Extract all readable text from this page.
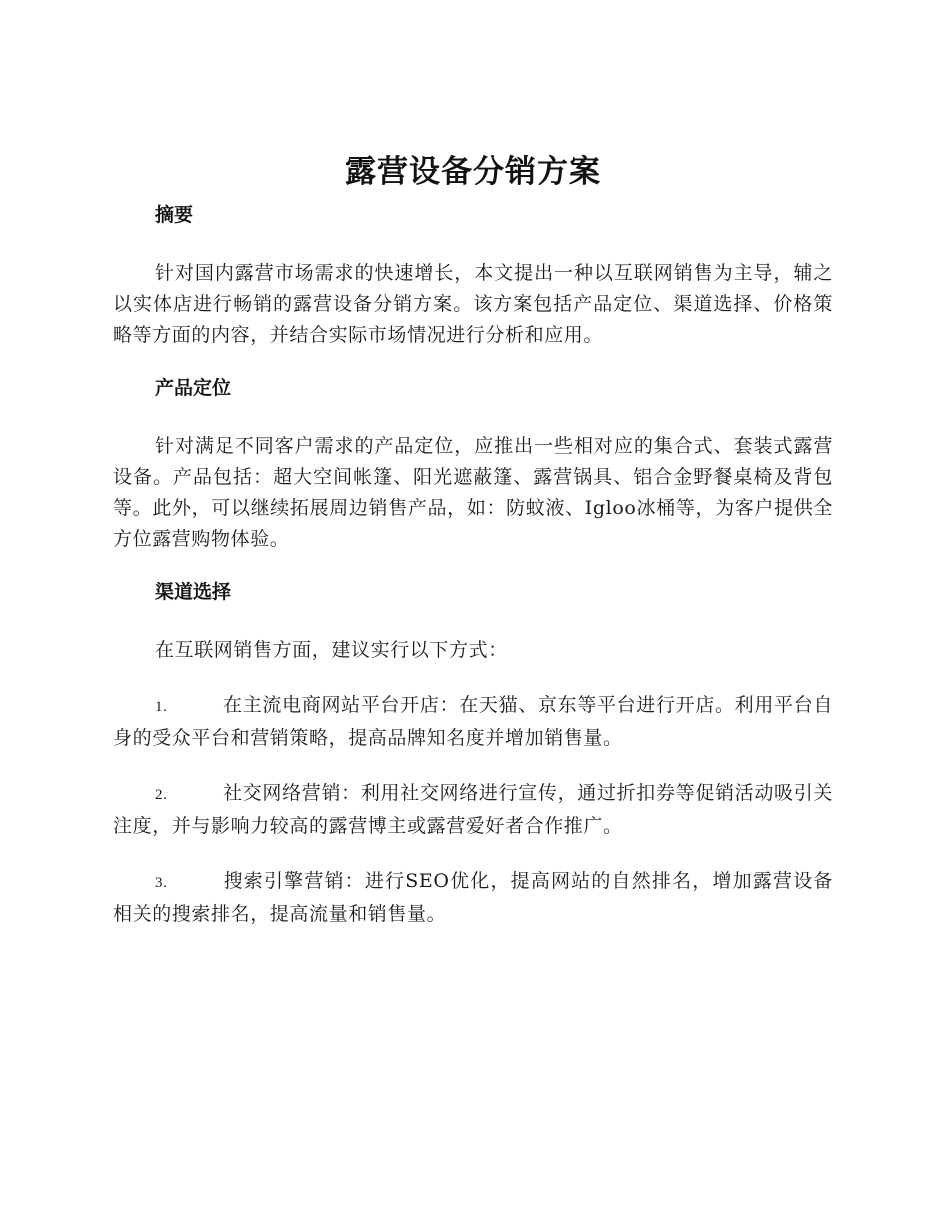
露营设备分销方案
摘要

针对国内露营市场需求的快速增长，本文提出一种以互联网销售为主导，辅之以实体店进行畅销的露营设备分销方案。该方案包括产品定位、渠道选择、价格策略等方面的内容，并结合实际市场情况进行分析和应用。

产品定位

针对满足不同客户需求的产品定位，应推出一些相对应的集合式、套装式露营设备。产品包括：超大空间帐篷、阳光遮蔽篷、露营锅具、铝合金野餐桌椅及背包等。此外，可以继续拓展周边销售产品，如：防蚊液、Igloo冰桶等，为客户提供全方位露营购物体验。

渠道选择

在互联网销售方面，建议实行以下方式：

1.	在主流电商网站平台开店：在天猫、京东等平台进行开店。利用平台自身的受众平台和营销策略，提高品牌知名度并增加销售量。

2.	社交网络营销：利用社交网络进行宣传，通过折扣券等促销活动吸引关注度，并与影响力较高的露营博主或露营爱好者合作推广。

3.	搜索引擎营销：进行SEO优化，提高网站的自然排名，增加露营设备相关的搜索排名，提高流量和销售量。
